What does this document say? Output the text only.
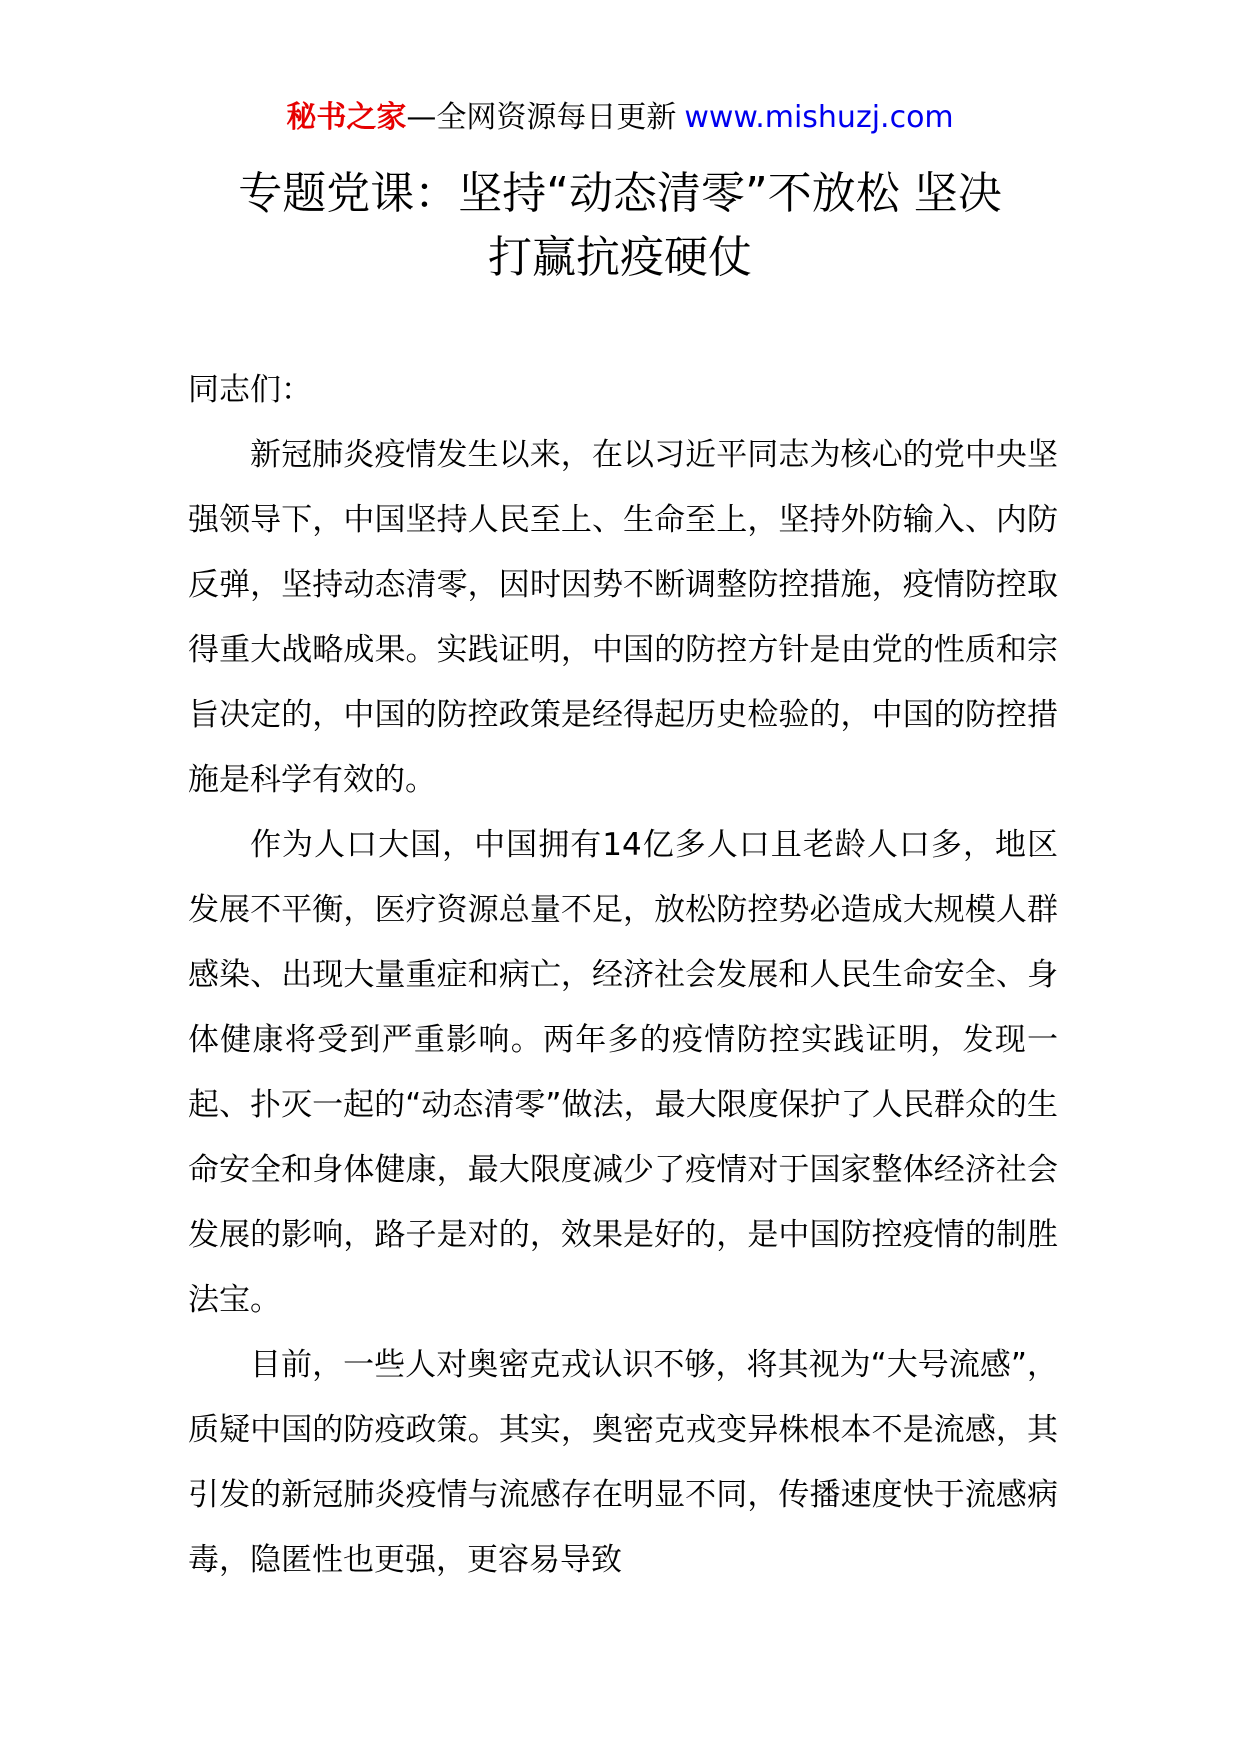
秘书之家—全网资源每日更新 www.mishuzj.com
专题党课：坚持“动态清零”不放松 坚决
打赢抗疫硬仗

同志们：

新冠肺炎疫情发生以来，在以习近平同志为核心的党中央坚强领导下，中国坚持人民至上、生命至上，坚持外防输入、内防反弹，坚持动态清零，因时因势不断调整防控措施，疫情防控取得重大战略成果。实践证明，中国的防控方针是由党的性质和宗旨决定的，中国的防控政策是经得起历史检验的，中国的防控措施是科学有效的。

作为人口大国，中国拥有14亿多人口且老龄人口多，地区发展不平衡，医疗资源总量不足，放松防控势必造成大规模人群感染、出现大量重症和病亡，经济社会发展和人民生命安全、身体健康将受到严重影响。两年多的疫情防控实践证明，发现一起、扑灭一起的“动态清零”做法，最大限度保护了人民群众的生命安全和身体健康，最大限度减少了疫情对于国家整体经济社会发展的影响，路子是对的，效果是好的，是中国防控疫情的制胜法宝。

目前，一些人对奥密克戎认识不够，将其视为“大号流感”，质疑中国的防疫政策。其实，奥密克戎变异株根本不是流感，其引发的新冠肺炎疫情与流感存在明显不同，传播速度快于流感病毒，隐匿性也更强，更容易导致
